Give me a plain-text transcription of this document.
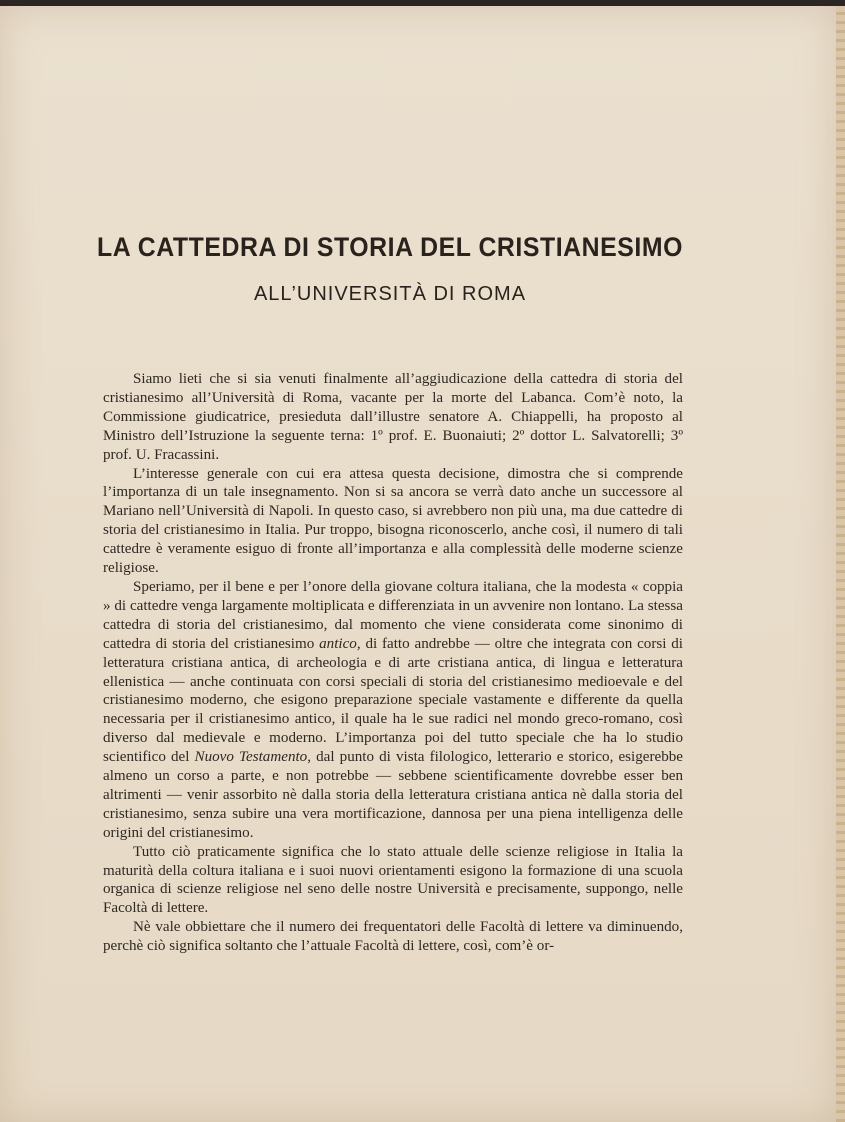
LA CATTEDRA DI STORIA DEL CRISTIANESIMO
ALL’UNIVERSITÀ DI ROMA

Siamo lieti che si sia venuti finalmente all’aggiudicazione della cattedra di storia del cristianesimo all’Università di Roma, vacante per la morte del Labanca. Com’è noto, la Commissione giudicatrice, presieduta dall’illustre senatore A. Chiappelli, ha proposto al Ministro dell’Istruzione la seguente terna: 1º prof. E. Buonaiuti; 2º dottor L. Salvatorelli; 3º prof. U. Fracassini.

L’interesse generale con cui era attesa questa decisione, dimostra che si comprende l’importanza di un tale insegnamento. Non si sa ancora se verrà dato anche un successore al Mariano nell’Università di Napoli. In questo caso, si avrebbero non più una, ma due cattedre di storia del cristianesimo in Italia. Pur troppo, bisogna riconoscerlo, anche così, il numero di tali cattedre è veramente esiguo di fronte all’importanza e alla complessità delle moderne scienze religiose.

Speriamo, per il bene e per l’onore della giovane coltura italiana, che la modesta « coppia » di cattedre venga largamente moltiplicata e differenziata in un avvenire non lontano. La stessa cattedra di storia del cristianesimo, dal momento che viene considerata come sinonimo di cattedra di storia del cristianesimo antico, di fatto andrebbe — oltre che integrata con corsi di letteratura cristiana antica, di archeologia e di arte cristiana antica, di lingua e letteratura ellenistica — anche continuata con corsi speciali di storia del cristianesimo medioevale e del cristianesimo moderno, che esigono preparazione speciale vastamente e differente da quella necessaria per il cristianesimo antico, il quale ha le sue radici nel mondo greco-romano, così diverso dal medievale e moderno. L’importanza poi del tutto speciale che ha lo studio scientifico del Nuovo Testamento, dal punto di vista filologico, letterario e storico, esigerebbe almeno un corso a parte, e non potrebbe — sebbene scientificamente dovrebbe esser ben altrimenti — venir assorbito nè dalla storia della letteratura cristiana antica nè dalla storia del cristianesimo, senza subire una vera mortificazione, dannosa per una piena intelligenza delle origini del cristianesimo.

Tutto ciò praticamente significa che lo stato attuale delle scienze religiose in Italia la maturità della coltura italiana e i suoi nuovi orientamenti esigono la formazione di una scuola organica di scienze religiose nel seno delle nostre Università e precisamente, suppongo, nelle Facoltà di lettere.

Nè vale obbiettare che il numero dei frequentatori delle Facoltà di lettere va diminuendo, perchè ciò significa soltanto che l’attuale Facoltà di lettere, così, com’è or-
